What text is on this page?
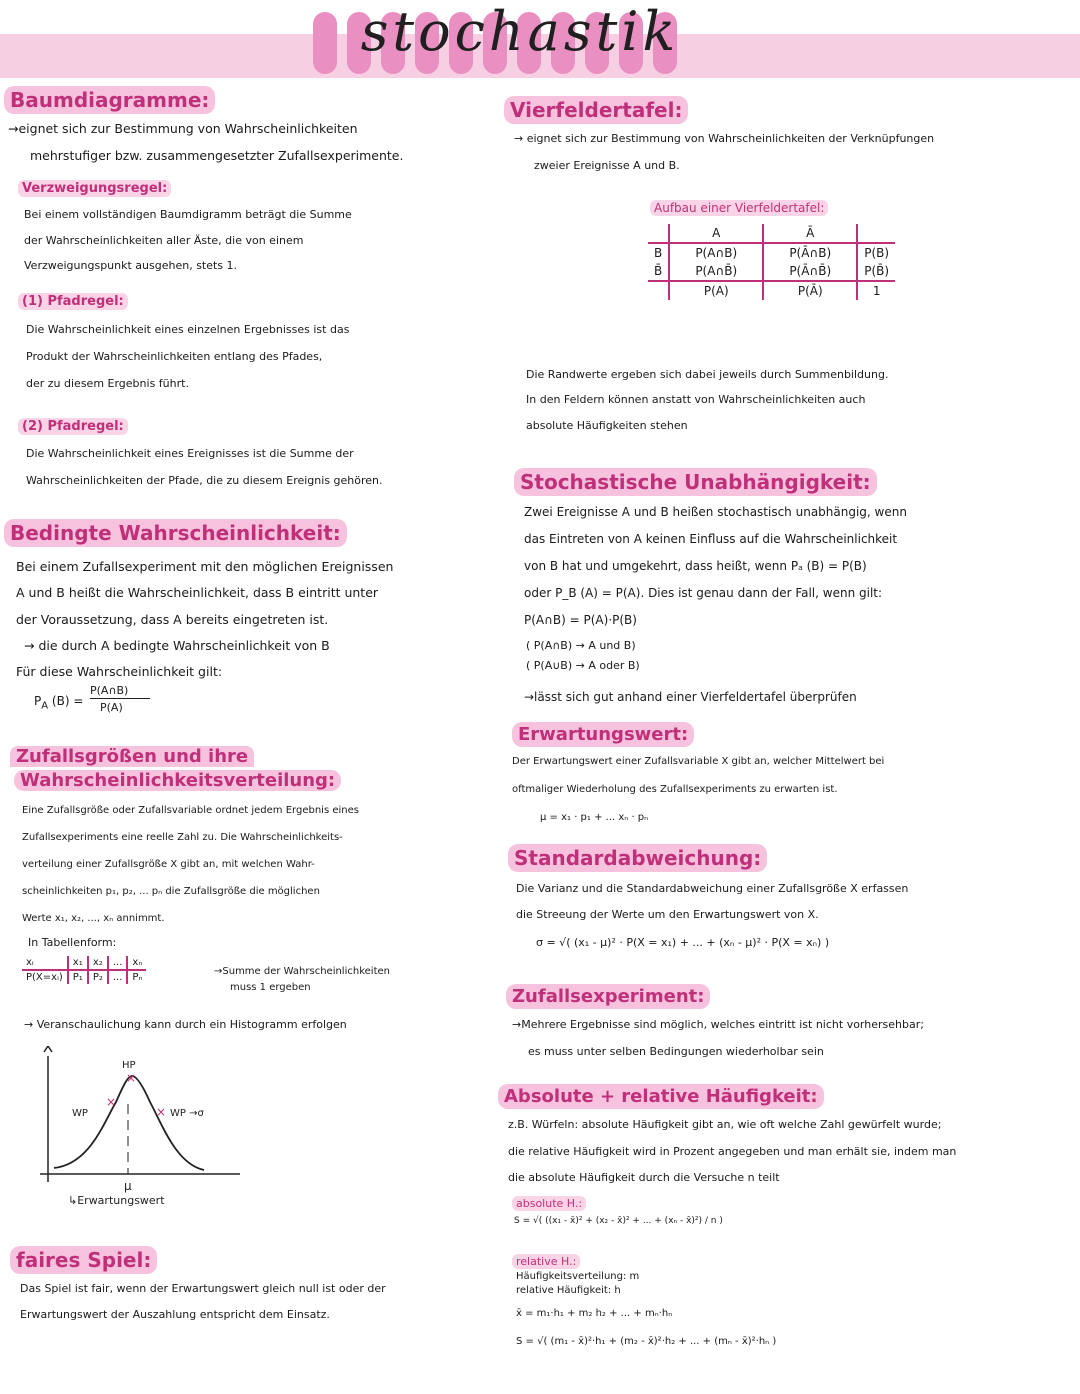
stochastik
Baumdiagramme:
→eignet sich zur Bestimmung von Wahrscheinlichkeiten
mehrstufiger bzw. zusammengesetzter Zufallsexperimente.
Verzweigungsregel:
Bei einem vollständigen Baumdigramm beträgt die Summe
der Wahrscheinlichkeiten aller Äste, die von einem
Verzweigungspunkt ausgehen, stets 1.
(1) Pfadregel:
Die Wahrscheinlichkeit eines einzelnen Ergebnisses ist das
Produkt der Wahrscheinlichkeiten entlang des Pfades,
der zu diesem Ergebnis führt.
(2) Pfadregel:
Die Wahrscheinlichkeit eines Ereignisses ist die Summe der
Wahrscheinlichkeiten der Pfade, die zu diesem Ereignis gehören.
Bedingte Wahrscheinlichkeit:
Bei einem Zufallsexperiment mit den möglichen Ereignissen
A und B heißt die Wahrscheinlichkeit, dass B eintritt unter
der Voraussetzung, dass A bereits eingetreten ist.
→ die durch A bedingte Wahrscheinlichkeit von B
Für diese Wahrscheinlichkeit gilt:
$P_A$ (B) =
P(A∩B)
P(A)
Zufallsgrößen und ihre
Wahrscheinlichkeitsverteilung:
Eine Zufallsgröße oder Zufallsvariable ordnet jedem Ergebnis eines
Zufallsexperiments eine reelle Zahl zu. Die Wahrscheinlichkeits-
verteilung einer Zufallsgröße X gibt an, mit welchen Wahr-
scheinlichkeiten p₁, p₂, ... pₙ die Zufallsgröße die möglichen
Werte x₁, x₂, ..., xₙ annimmt.
In Tabellenform:
xᵢ	x₁	x₂	...	xₙ
P(X=xᵢ)	P₁	P₂	...	Pₙ
→Summe der Wahrscheinlichkeiten
muss 1 ergeben
→ Veranschaulichung kann durch ein Histogramm erfolgen
×
×
×
HP
WP	WP →σ
μ
↳Erwartungswert
faires Spiel:
Das Spiel ist fair, wenn der Erwartungswert gleich null ist oder der
Erwartungswert der Auszahlung entspricht dem Einsatz.
Vierfeldertafel:
→ eignet sich zur Bestimmung von Wahrscheinlichkeiten der Verknüpfungen
zweier Ereignisse A und B.
Aufbau einer Vierfeldertafel:
	A	Ā	
B	P(A∩B)	P(Ā∩B)	P(B)
B̄	P(A∩B̄)	P(Ā∩B̄)	P(B̄)
	P(A)	P(Ā)	1
Die Randwerte ergeben sich dabei jeweils durch Summenbildung.
In den Feldern können anstatt von Wahrscheinlichkeiten auch
absolute Häufigkeiten stehen
Stochastische Unabhängigkeit:
Zwei Ereignisse A und B heißen stochastisch unabhängig, wenn
das Eintreten von A keinen Einfluss auf die Wahrscheinlichkeit
von B hat und umgekehrt, dass heißt, wenn Pₐ (B) = P(B)
oder P_B (A) = P(A). Dies ist genau dann der Fall, wenn gilt:
P(A∩B) = P(A)·P(B)
( P(A∩B) → A und B)
( P(A∪B) → A oder B)
→lässt sich gut anhand einer Vierfeldertafel überprüfen
Erwartungswert:
Der Erwartungswert einer Zufallsvariable X gibt an, welcher Mittelwert bei
oftmaliger Wiederholung des Zufallsexperiments zu erwarten ist.
μ = x₁ · p₁ + ... xₙ · pₙ
Standardabweichung:
Die Varianz und die Standardabweichung einer Zufallsgröße X erfassen
die Streeung der Werte um den Erwartungswert von X.
σ = √( (x₁ - μ)² · P(X = x₁) + ... + (xₙ - μ)² · P(X = xₙ) )
Zufallsexperiment:
→Mehrere Ergebnisse sind möglich, welches eintritt ist nicht vorhersehbar;
es muss unter selben Bedingungen wiederholbar sein
Absolute + relative Häufigkeit:
z.B. Würfeln: absolute Häufigkeit gibt an, wie oft welche Zahl gewürfelt wurde;
die relative Häufigkeit wird in Prozent angegeben und man erhält sie, indem man
die absolute Häufigkeit durch die Versuche n teilt
absolute H.:
S = √( ((x₁ - x̄)² + (x₂ - x̄)² + ... + (xₙ - x̄)²) / n )
relative H.:
Häufigkeitsverteilung: m
relative Häufigkeit: h
x̄ = m₁·h₁ + m₂ h₂ + ... + mₙ·hₙ
S = √( (m₁ - x̄)²·h₁ + (m₂ - x̄)²·h₂ + ... + (mₙ - x̄)²·hₙ )
